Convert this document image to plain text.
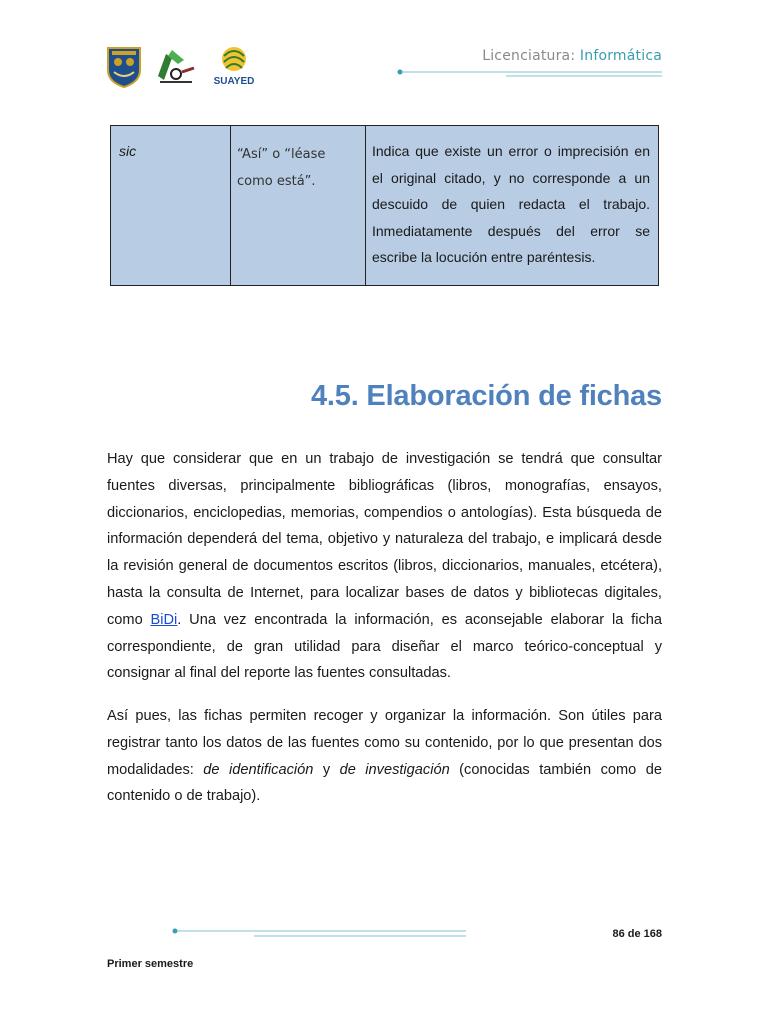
SUAYED
Licenciatura: Informática
sic	“Así” o “léase como está”.	Indica que existe un error o imprecisión en el original citado, y no corresponde a un descuido de quien redacta el trabajo. Inmediatamente después del error se escribe la locución entre paréntesis.
4.5. Elaboración de fichas

Hay que considerar que en un trabajo de investigación se tendrá que consultar fuentes diversas, principalmente bibliográficas (libros, monografías, ensayos, diccionarios, enciclopedias, memorias, compendios o antologías). Esta búsqueda de información dependerá del tema, objetivo y naturaleza del trabajo, e implicará desde la revisión general de documentos escritos (libros, diccionarios, manuales, etcétera), hasta la consulta de Internet, para localizar bases de datos y bibliotecas digitales, como BiDi. Una vez encontrada la información, es aconsejable elaborar la ficha correspondiente, de gran utilidad para diseñar el marco teórico-conceptual y consignar al final del reporte las fuentes consultadas.

Así pues, las fichas permiten recoger y organizar la información. Son útiles para registrar tanto los datos de las fuentes como su contenido, por lo que presentan dos modalidades: de identificación y de investigación (conocidas también como de contenido o de trabajo).

86 de 168
Primer semestre
